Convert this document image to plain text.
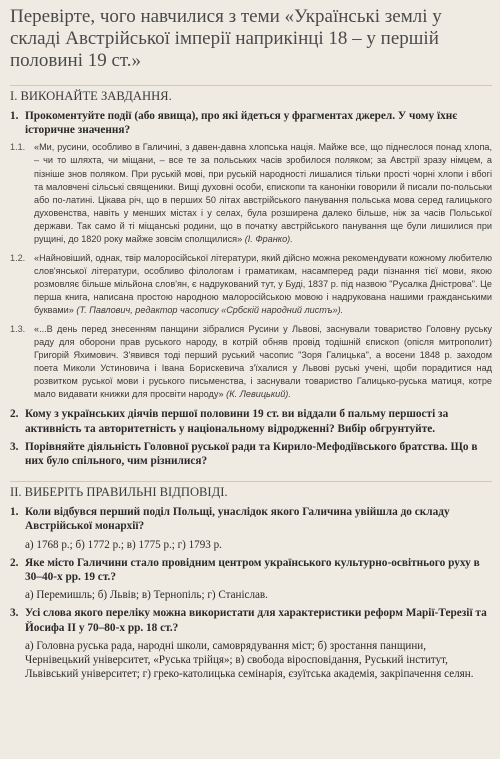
Перевірте, чого навчилися з теми «Українські землі у складі Австрійської імперії наприкінці 18 – у першій половині 19 ст.»
I. ВИКОНАЙТЕ ЗАВДАННЯ.
1. Прокоментуйте події (або явища), про які йдеться у фрагментах джерел. У чому їхнє історичне значення?
1.1. «Ми, русини, особливо в Галичині, з давен-давна хлопська нація. Майже все, що піднеслося понад хлопа, – чи то шляхта, чи міщани, – все те за польських часів зробилося поляком; за Австрії зразу німцем, а пізніше знов поляком. При руській мові, при руській народності лишалися тільки прості чорні хлопи і вбогі та маловчені сільські священики. Вищі духовні особи, єпископи та каноніки говорили й писали по-польськи або по-латині. Цікава річ, що в перших 50 літах австрійського панування польська мова серед галицького духовенства, навіть у менших містах і у селах, була розширена далеко більше, ніж за часів Польської держави. Так само й ті міщанські родини, що в початку австрійського панування ще були лишилися при рущині, до 1820 року майже зовсім сполщилися» (І. Франко).
1.2. «Найновіший, однак, твір малоросійської літератури, який дійсно можна рекомендувати кожному любителю слов'янської літератури, особливо філологам і граматикам, насамперед ради пізнання тієї мови, якою розмовляє більше мільйона слов'ян, є надрукований тут, у Буді, 1837 р. під назвою "Русалка Дністрова". Це перша книга, написана простою народною малоросійською мовою і надрукована нашими гражданськими буквами» (Т. Павлович, редактор часопису «Србскій народний листъ»).
1.3. «...В день перед знесенням панщини зібралися Русини у Львові, заснували товариство Головну руську раду для оборони прав руського народу, в котрій обняв провід тодішній єпископ (опісля митрополит) Григорій Яхимович. З'явився тоді перший руський часопис "Зоря Галицька", а восени 1848 р. заходом поета Миколи Устиновича і Івана Борискевича з'їхалися у Львові руські учені, щоби порадитися над розвитком руської мови і руського письменства, і заснували товариство Галицько-руська матиця, котре мало видавати книжки для просвіти народу» (К. Левицький).
2. Кому з українських діячів першої половини 19 ст. ви віддали б пальму першості за активність та авторитетність у національному відродженні? Вибір обгрунтуйте.
3. Порівняйте діяльність Головної руської ради та Кирило-Мефодіївського братства. Що в них було спільного, чим різнилися?
II. ВИБЕРІТЬ ПРАВИЛЬНІ ВІДПОВІДІ.
1. Коли відбувся перший поділ Польщі, унаслідок якого Галичина увійшла до складу Австрійської монархії?
а) 1768 р.; б) 1772 р.; в) 1775 р.; г) 1793 р.
2. Яке місто Галичини стало провідним центром українського культурно-освітнього руху в 30–40-х рр. 19 ст.?
а) Перемишль; б) Львів; в) Тернопіль; г) Станіслав.
3. Усі слова якого переліку можна використати для характеристики реформ Марії-Терезії та Йосифа II у 70–80-х рр. 18 ст.?
а) Головна руська рада, народні школи, самоврядування міст; б) зростання панщини, Чернівецький університет, «Руська трійця»; в) свобода віросповідання, Руський інститут, Львівський університет; г) греко-католицька семінарія, єзуїтська академія, закріпачення селян.
